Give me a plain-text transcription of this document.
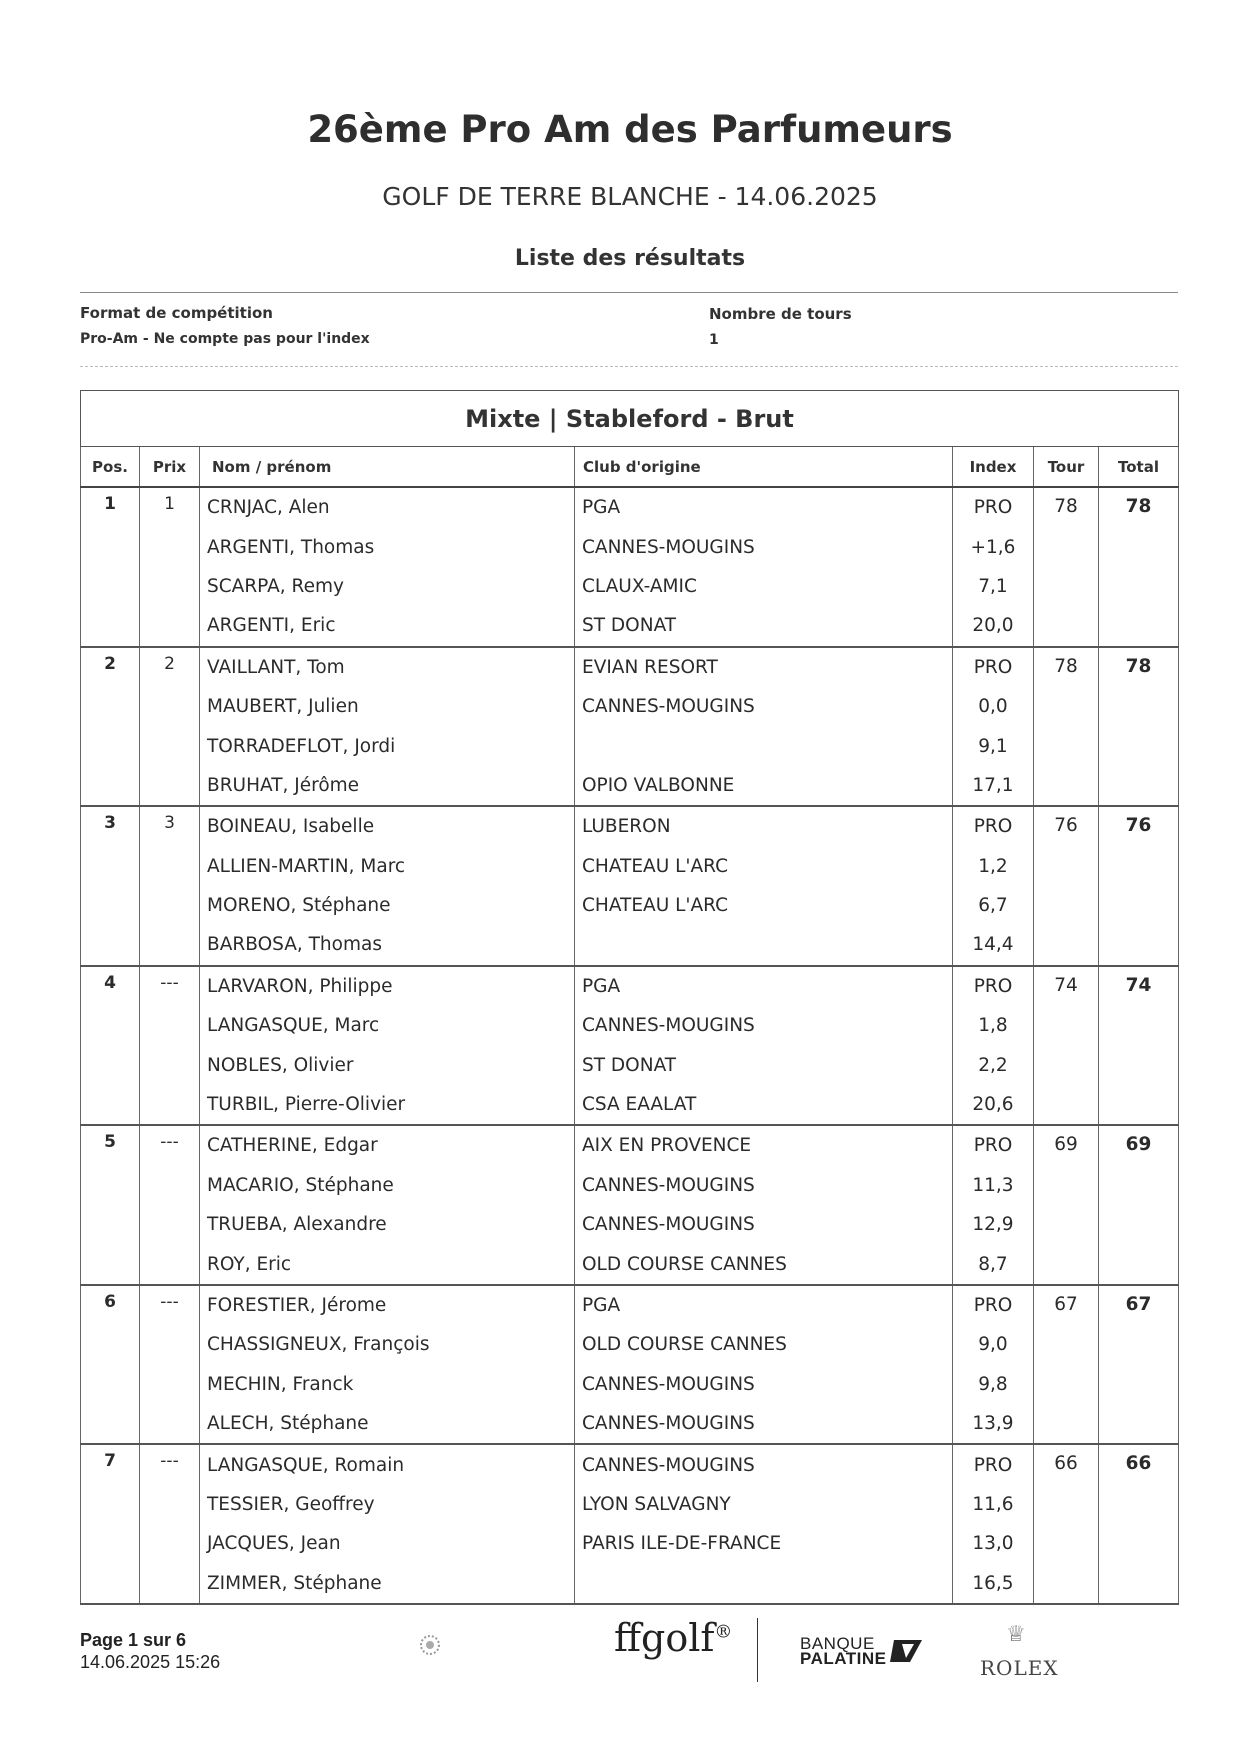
26ème Pro Am des Parfumeurs
GOLF DE TERRE BLANCHE - 14.06.2025
Liste des résultats
Format de compétition
Pro-Am - Ne compte pas pour l'index
Nombre de tours
1
Mixte | Stableford - Brut						
Pos.	Prix	Nom / prénom	Club d'origine	Index	Tour	Total
1	1	CRNJAC, Alen	PGA	PRO	78	78
		ARGENTI, Thomas	CANNES-MOUGINS	+1,6		
		SCARPA, Remy	CLAUX-AMIC	7,1		
		ARGENTI, Eric	ST DONAT	20,0		
2	2	VAILLANT, Tom	EVIAN RESORT	PRO	78	78
		MAUBERT, Julien	CANNES-MOUGINS	0,0		
		TORRADEFLOT, Jordi		9,1		
		BRUHAT, Jérôme	OPIO VALBONNE	17,1		
3	3	BOINEAU, Isabelle	LUBERON	PRO	76	76
		ALLIEN-MARTIN, Marc	CHATEAU L'ARC	1,2		
		MORENO, Stéphane	CHATEAU L'ARC	6,7		
		BARBOSA, Thomas		14,4		
4	---	LARVARON, Philippe	PGA	PRO	74	74
		LANGASQUE, Marc	CANNES-MOUGINS	1,8		
		NOBLES, Olivier	ST DONAT	2,2		
		TURBIL, Pierre-Olivier	CSA EAALAT	20,6		
5	---	CATHERINE, Edgar	AIX EN PROVENCE	PRO	69	69
		MACARIO, Stéphane	CANNES-MOUGINS	11,3		
		TRUEBA, Alexandre	CANNES-MOUGINS	12,9		
		ROY, Eric	OLD COURSE CANNES	8,7		
6	---	FORESTIER, Jérome	PGA	PRO	67	67
		CHASSIGNEUX, François	OLD COURSE CANNES	9,0		
		MECHIN, Franck	CANNES-MOUGINS	9,8		
		ALECH, Stéphane	CANNES-MOUGINS	13,9		
7	---	LANGASQUE, Romain	CANNES-MOUGINS	PRO	66	66
		TESSIER, Geoffrey	LYON SALVAGNY	11,6		
		JACQUES, Jean	PARIS ILE-DE-FRANCE	13,0		
		ZIMMER, Stéphane		16,5		
Page 1 sur 6
14.06.2025 15:26
ffgolf®
BANQUE
PALATINE
♕
ROLEX
